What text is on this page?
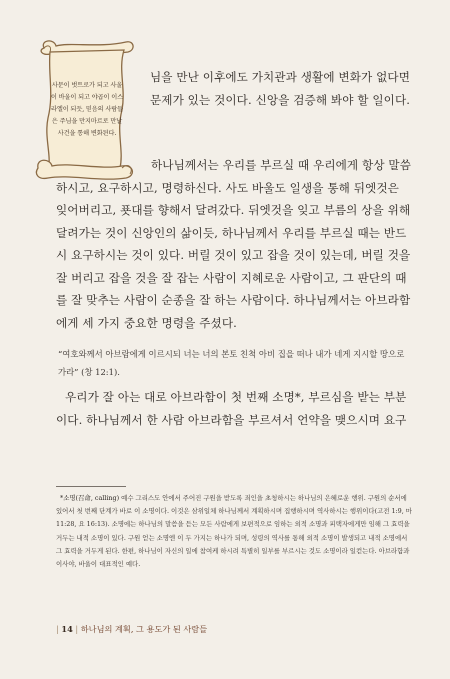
사문이 벗트로가 되고 사울
이 바울이 되고 야곱이 이스
라엘이 되듯, 믿음의 사람들
은 주님을 만지마르로 만날
사건을 통해 변화된다.
님을 만난 이후에도 가치관과 생활에 변화가 없다면 문제가 있는 것이다. 신앙을 검증해 봐야 할 일이다.
하나님께서는 우리를 부르실 때 우리에게 항상 말씀하시고, 요구하시고, 명령하신다. 사도 바울도 일생을 통해 뒤엣것은 잊어버리고, 푯대를 향해서 달려갔다. 뒤엣것을 잊고 부름의 상을 위해 달려가는 것이 신앙인의 삶이듯, 하나님께서 우리를 부르실 때는 반드시 요구하시는 것이 있다. 버릴 것이 있고 잡을 것이 있는데, 버릴 것을 잘 버리고 잡을 것을 잘 잡는 사람이 지혜로운 사람이고, 그 판단의 때를 잘 맞추는 사람이 순종을 잘 하는 사람이다. 하나님께서는 아브라함에게 세 가지 중요한 명령을 주셨다.
“여호와께서 아브람에게 이르시되 너는 너의 본토 친척 아비 집을 떠나 내가 네게 지시할 땅으로 가라” (창 12:1).
우리가 잘 아는 대로 아브라함이 첫 번째 소명*, 부르심을 받는 부분이다. 하나님께서 한 사람 아브라함을 부르셔서 언약을 맺으시며 요구
*소명(召命, calling) 예수 그리스도 안에서 주어진 구원을 받도록 죄인을 초청하시는 하나님의 은혜로운 행위. 구원의 순서에 있어서 첫 번째 단계가 바로 이 소명이다. 이것은 삼위일체 하나님께서 계획하시며 집행하시며 역사하시는 행위이다(고전 1:9, 마 11:28, 요 16:13). 소명에는 하나님의 말씀을 듣는 모든 사람에게 보편적으로 임하는 외적 소명과 피택자에게만 임해 그 효력을 거두는 내적 소명이 있다. 구원 얻는 소명엔 이 두 가지는 하나가 되며, 성령의 역사를 통해 외적 소명이 발생되고 내적 소명에서 그 효력을 거두게 된다. 한편, 하나님이 자신의 일에 참여케 하시려 특별히 일부를 부르시는 것도 소명이라 일컫는다. 아브라함과 이사야, 바울이 대표적인 예다.
| 14 | 하나님의 계획, 그 용도가 된 사람들
